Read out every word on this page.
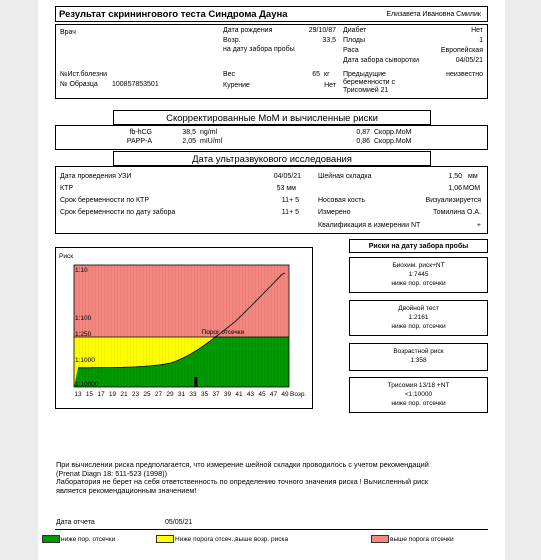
Результат скринингового теста Синдрома Дауна	Елизавета Ивановна Смилик
Врач	Дата рождения	29/10/87
Возр.	33,5
на дату забора пробы
Диабет	Нет
Плоды	1
Раса	Европейская
Дата забора сыворотки	04/05/21
№Ист.болезни
№ Образца 100857853501
Вес	65 кг
Курение	Нет
Предыдущие
беременности с
Трисомией 21
неизвестно
Скорректированные МоМ и вычисленные риски
fb-hCG	38,5 ng/ml	0,87 Скорр.МоМ
PAPP-A	2,05 mIU/ml	0,86 Скорр.МоМ
Дата ультразвукового исследования
Дата проведения УЗИ	04/05/21
КТР	53 мм
Срок беременности по КТР	11+ 5
Срок беременности по дату забора	11+ 5
Шейная складка	1,50 мм
1,06 MOM
Носовая кость	Визуализируется
Измерено	Томилина О.А.
Квалификация в измерении NT	+
Порог отсечки
Риск
1:10
1:100
1:250
1:1000
1:10000
13 15 17 19 21 23 25 27 29 31 33 35 37 39 41 43 45 47 49 Возр.
Риски на дату забора пробы
Биохим. риск+NT
1:7445
ниже пор. отсечки
Двойной тест
1:2161
ниже пор. отсечки
Возрастной риск
1:358
Трисомия 13/18 +NT
<1:10000
ниже пор. отсечки
При вычислении риска предполагается, что измерение шейной складки проводилось с учетом рекомендаций
(Prenat Diagn 18: 511-523 (1998))
Лаборатория не берет на себя ответственность по определению точного значения риска ! Вычисленный риск
является рекомендационным значением!
Дата отчета	05/05/21
ниже пор. отсечки	Ниже порога отсеч.,выше возр. риска	выше порога отсечки
